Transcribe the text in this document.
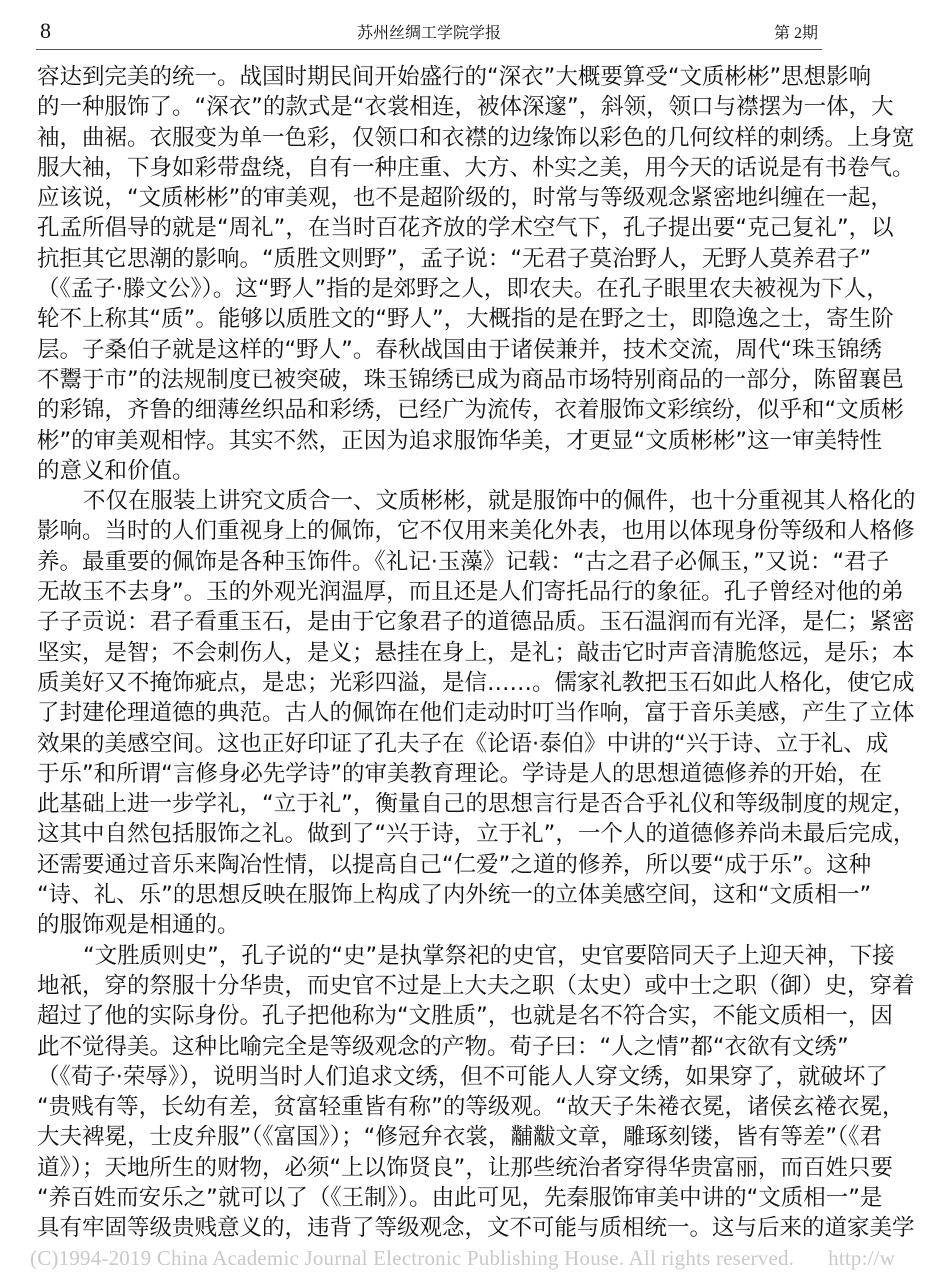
8	苏州丝绸工学院学报	第 2期
容达到完美的统一。战国时期民间开始盛行的“深衣”大概要算受“文质彬彬”思想影响
的一种服饰了。“深衣”的款式是“衣裳相连，被体深邃”，斜领，领口与襟摆为一体，大
袖，曲裾。衣服变为单一色彩，仅领口和衣襟的边缘饰以彩色的几何纹样的刺绣。上身宽
服大袖，下身如彩带盘绕，自有一种庄重、大方、朴实之美，用今天的话说是有书卷气。
应该说，“文质彬彬”的审美观，也不是超阶级的，时常与等级观念紧密地纠缠在一起，
孔孟所倡导的就是“周礼”，在当时百花齐放的学术空气下，孔子提出要“克己复礼”，以
抗拒其它思潮的影响。“质胜文则野”，孟子说：“无君子莫治野人，无野人莫养君子”
（《孟子·滕文公》）。这“野人”指的是郊野之人，即农夫。在孔子眼里农夫被视为下人，
轮不上称其“质”。能够以质胜文的“野人”，大概指的是在野之士，即隐逸之士，寄生阶
层。子桑伯子就是这样的“野人”。春秋战国由于诸侯兼并，技术交流，周代“珠玉锦绣
不鬻于市”的法规制度已被突破，珠玉锦绣已成为商品市场特别商品的一部分，陈留襄邑
的彩锦，齐鲁的细薄丝织品和彩绣，已经广为流传，衣着服饰文彩缤纷，似乎和“文质彬
彬”的审美观相悖。其实不然，正因为追求服饰华美，才更显“文质彬彬”这一审美特性
的意义和价值。
不仅在服装上讲究文质合一、文质彬彬，就是服饰中的佩件，也十分重视其人格化的
影响。当时的人们重视身上的佩饰，它不仅用来美化外表，也用以体现身份等级和人格修
养。最重要的佩饰是各种玉饰件。《礼记·玉藻》记载：“古之君子必佩玉，”又说：“君子
无故玉不去身”。玉的外观光润温厚，而且还是人们寄托品行的象征。孔子曾经对他的弟
子子贡说：君子看重玉石，是由于它象君子的道德品质。玉石温润而有光泽，是仁；紧密
坚实，是智；不会刺伤人，是义；悬挂在身上，是礼；敲击它时声音清脆悠远，是乐；本
质美好又不掩饰疵点，是忠；光彩四溢，是信……。儒家礼教把玉石如此人格化，使它成
了封建伦理道德的典范。古人的佩饰在他们走动时叮当作响，富于音乐美感，产生了立体
效果的美感空间。这也正好印证了孔夫子在《论语·泰伯》中讲的“兴于诗、立于礼、成
于乐”和所谓“言修身必先学诗”的审美教育理论。学诗是人的思想道德修养的开始，在
此基础上进一步学礼，“立于礼”，衡量自己的思想言行是否合乎礼仪和等级制度的规定，
这其中自然包括服饰之礼。做到了“兴于诗，立于礼”，一个人的道德修养尚未最后完成，
还需要通过音乐来陶冶性情，以提高自己“仁爱”之道的修养，所以要“成于乐”。这种
“诗、礼、乐”的思想反映在服饰上构成了内外统一的立体美感空间，这和“文质相一”
的服饰观是相通的。
“文胜质则史”，孔子说的“史”是执掌祭祀的史官，史官要陪同天子上迎天神，下接
地祇，穿的祭服十分华贵，而史官不过是上大夫之职（太史）或中士之职（御）史，穿着
超过了他的实际身份。孔子把他称为“文胜质”，也就是名不符合实，不能文质相一，因
此不觉得美。这种比喻完全是等级观念的产物。荀子曰：“人之情”都“衣欲有文绣”
（《荀子·荣辱》），说明当时人们追求文绣，但不可能人人穿文绣，如果穿了，就破坏了
“贵贱有等，长幼有差，贫富轻重皆有称”的等级观。“故天子朱裷衣冕，诸侯玄裷衣冕，
大夫裨冕，士皮弁服”（《富国》）；“修冠弁衣裳，黼黻文章，雕琢刻镂，皆有等差”（《君
道》）；天地所生的财物，必须“上以饰贤良”，让那些统治者穿得华贵富丽，而百姓只要
“养百姓而安乐之”就可以了（《王制》）。由此可见，先秦服饰审美中讲的“文质相一”是
具有牢固等级贵贱意义的，违背了等级观念，文不可能与质相统一。这与后来的道家美学
(C)1994-2019 China Academic Journal Electronic Publishing House. All rights reserved. http://w
